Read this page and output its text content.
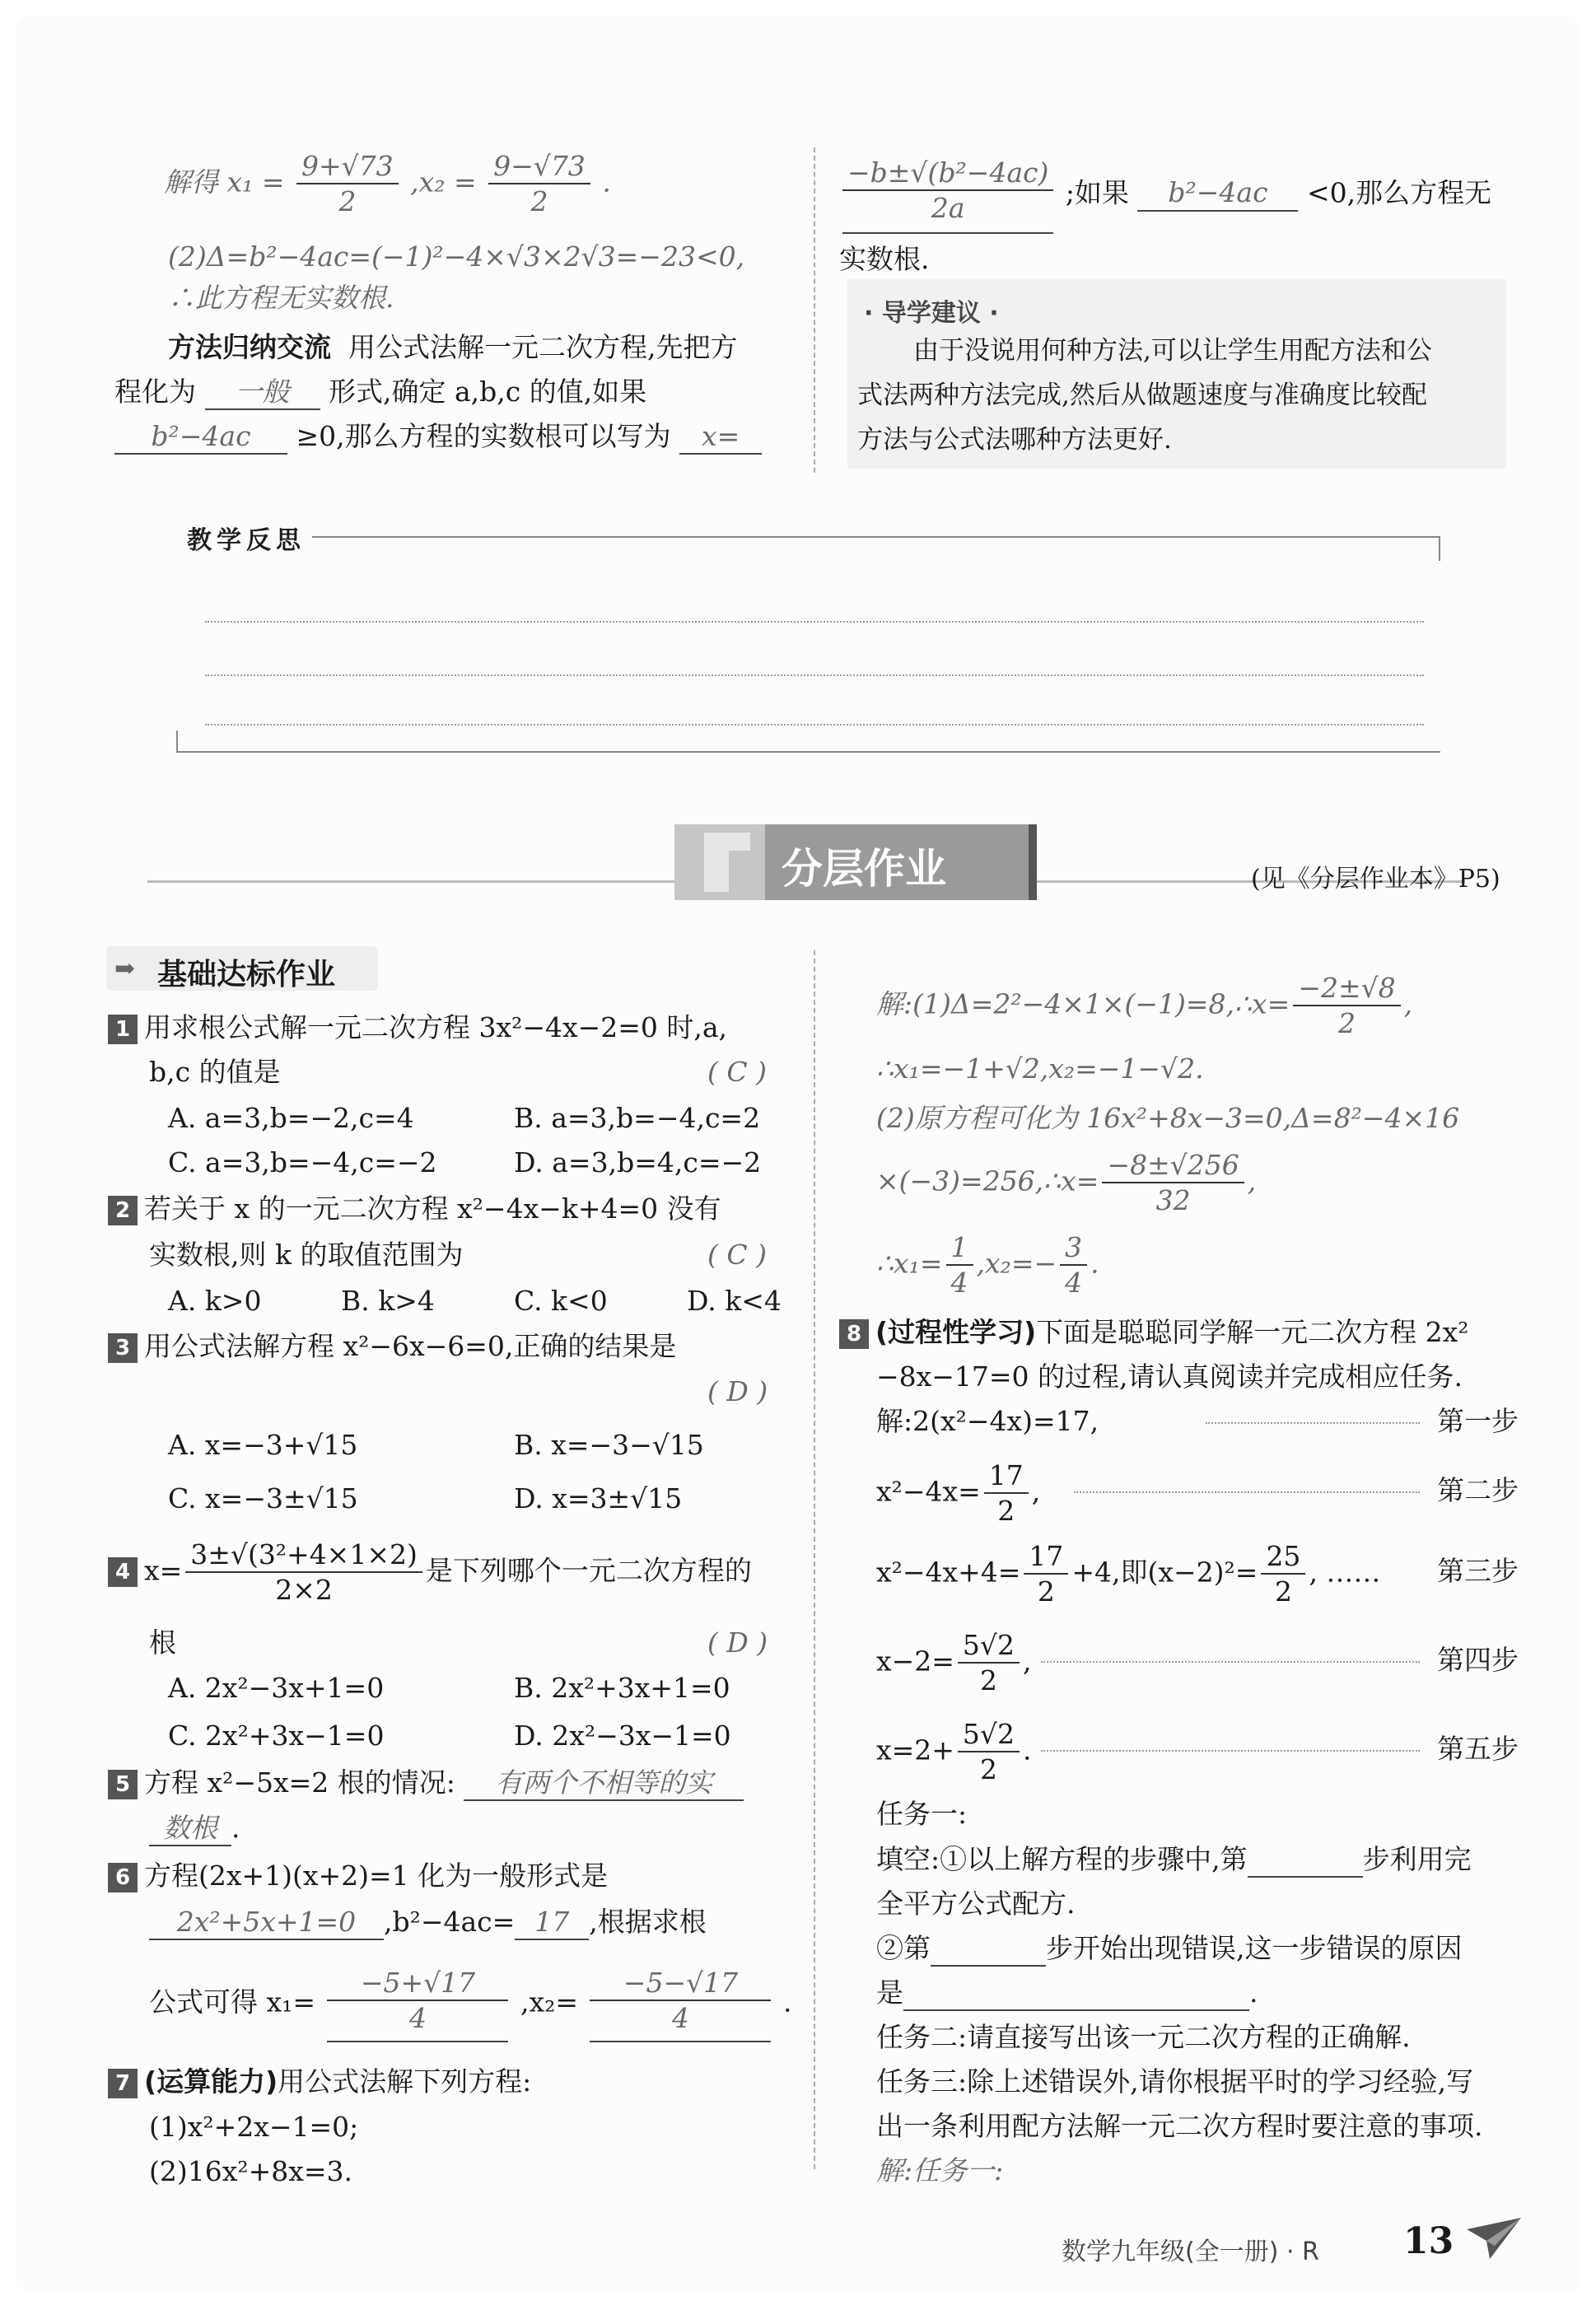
解得 $x_1 = \frac{9+√73}{2} ,x_2 = \frac{9-√73}{2}$ .
(2)Δ=b²−4ac=(−1)²−4×√3×2√3=−23<0,
∴此方程无实数根.
方法归纳交流 用公式法解一元二次方程,先把方
程化为 一般 形式,确定 a,b,c 的值,如果
b²−4ac ≥0,那么方程的实数根可以写为 x=
$\frac{\text{−b±√(b²−4ac)}}{2a}$ ;如果 b²−4ac <0,那么方程无
实数根.
· 导学建议 ·
由于没说用何种方法,可以让学生用配方法和公
式法两种方法完成,然后从做题速度与准确度比较配
方法与公式法哪种方法更好.
教学反思
分层作业	(见《分层作业本》P5)
➡ 基础达标作业
1 用求根公式解一元二次方程 3x²−4x−2=0 时,a,
b,c 的值是	( C )
A. a=3,b=−2,c=4	B. a=3,b=−4,c=2
C. a=3,b=−4,c=−2	D. a=3,b=4,c=−2
2 若关于 x 的一元二次方程 x²−4x−k+4=0 没有
实数根,则 k 的取值范围为	( C )
A. k>0	B. k>4	C. k<0	D. k<4
3 用公式法解方程 x²−6x−6=0,正确的结果是
( D )
A. x=−3+√15	B. x=−3−√15
C. x=−3±√15	D. x=3±√15
4 $x= \frac{\text{3±√(3²+4×1×2)}}{2\times 2}$ 是下列哪个一元二次方程的
根	( D )
A. 2x²−3x+1=0	B. 2x²+3x+1=0
C. 2x²+3x−1=0	D. 2x²−3x−1=0
5 方程 x²−5x=2 根的情况: 有两个不相等的实
数根 .
6 方程(2x+1)(x+2)=1 化为一般形式是
2x²+5x+1=0 ,b²−4ac= 17 ,根据求根
公式可得 $x_1= \frac{-5+√17}{4} ,x_2= \frac{-5-√17}{4}$ .
7 (运算能力)用公式法解下列方程:
(1)x²+2x−1=0;
(2)16x²+8x=3.
解:(1)Δ=2²−4×1×(−1)=8,∴x= $\frac{-2\pm√8}{2}$ ,
∴x₁=−1+√2,x₂=−1−√2.
(2)原方程可化为 16x²+8x−3=0,Δ=8²−4×16
×(−3)=256,∴x= $\frac{-8\pm√256}{32}$ ,
∴x₁= $\frac{1}{4} ,x_2=- \frac{3}{4}$ .
8 (过程性学习)下面是聪聪同学解一元二次方程 2x²
−8x−17=0 的过程,请认真阅读并完成相应任务.
解:2(x²−4x)=17,	第一步
$x^2-4x= \frac{17}{2}$ ,	第二步
$x^2-4x+4= \frac{17}{2} +4$,即$(x-2)^2= \frac{25}{2}$ , …… 第三步
$x-2= \frac{5√2}{2}$ ,	第四步
$x=2+ \frac{5√2}{2}$ .	第五步
任务一:
填空:①以上解方程的步骤中,第	步利用完
全平方公式配方.
②第	步开始出现错误,这一步错误的原因
是	.
任务二:请直接写出该一元二次方程的正确解.
任务三:除上述错误外,请你根据平时的学习经验,写
出一条利用配方法解一元二次方程时要注意的事项.
解:任务一:
数学九年级(全一册) · R 13
